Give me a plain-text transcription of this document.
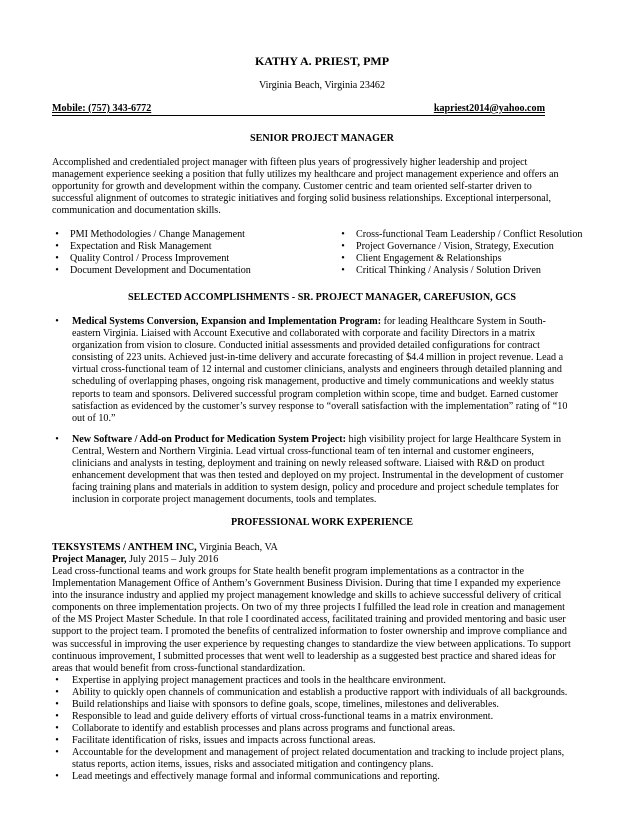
KATHY A. PRIEST, PMP
Virginia Beach, Virginia 23462
Mobile: (757) 343-6772	kapriest2014@yahoo.com
SENIOR PROJECT MANAGER
Accomplished and credentialed project manager with fifteen plus years of progressively higher leadership and project
management experience seeking a position that fully utilizes my healthcare and project management experience and offers an
opportunity for growth and development within the company. Customer centric and team oriented self-starter driven to
successful alignment of outcomes to strategic initiatives and forging solid business relationships. Exceptional interpersonal,
communication and documentation skills.
• PMI Methodologies / Change Management
• Expectation and Risk Management
• Quality Control / Process Improvement
• Document Development and Documentation
• Cross-functional Team Leadership / Conflict Resolution
• Project Governance / Vision, Strategy, Execution
• Client Engagement & Relationships
• Critical Thinking / Analysis / Solution Driven
SELECTED ACCOMPLISHMENTS - SR. PROJECT MANAGER, CAREFUSION, GCS
• Medical Systems Conversion, Expansion and Implementation Program: for leading Healthcare System in South-
eastern Virginia. Liaised with Account Executive and collaborated with corporate and facility Directors in a matrix
organization from vision to closure. Conducted initial assessments and provided detailed configurations for contract
consisting of 223 units. Achieved just-in-time delivery and accurate forecasting of $4.4 million in project revenue. Lead a
virtual cross-functional team of 12 internal and customer clinicians, analysts and engineers through detailed planning and
scheduling of overlapping phases, ongoing risk management, productive and timely communications and weekly status
reports to team and sponsors. Delivered successful program completion within scope, time and budget. Earned customer
satisfaction as evidenced by the customer’s survey response to “overall satisfaction with the implementation” rating of “10
out of 10.”
• New Software / Add-on Product for Medication System Project: high visibility project for large Healthcare System in
Central, Western and Northern Virginia. Lead virtual cross-functional team of ten internal and customer engineers,
clinicians and analysts in testing, deployment and training on newly released software. Liaised with R&D on product
enhancement development that was then tested and deployed on my project. Instrumental in the development of customer
facing training plans and materials in addition to system design, policy and procedure and project schedule templates for
inclusion in corporate project management documents, tools and templates.
PROFESSIONAL WORK EXPERIENCE
TEKSYSTEMS / ANTHEM INC, Virginia Beach, VA
Project Manager, July 2015 – July 2016
Lead cross-functional teams and work groups for State health benefit program implementations as a contractor in the
Implementation Management Office of Anthem’s Government Business Division. During that time I expanded my experience
into the insurance industry and applied my project management knowledge and skills to achieve successful delivery of critical
components on three implementation projects. On two of my three projects I fulfilled the lead role in creation and management
of the MS Project Master Schedule. In that role I coordinated access, facilitated training and provided mentoring and basic user
support to the project team. I promoted the benefits of centralized information to foster ownership and improve compliance and
was successful in improving the user experience by requesting changes to standardize the view between applications. To support
continuous improvement, I submitted processes that went well to leadership as a suggested best practice and shared ideas for
areas that would benefit from cross-functional standardization.
• Expertise in applying project management practices and tools in the healthcare environment.
• Ability to quickly open channels of communication and establish a productive rapport with individuals of all backgrounds.
• Build relationships and liaise with sponsors to define goals, scope, timelines, milestones and deliverables.
• Responsible to lead and guide delivery efforts of virtual cross-functional teams in a matrix environment.
• Collaborate to identify and establish processes and plans across programs and functional areas.
• Facilitate identification of risks, issues and impacts across functional areas.
• Accountable for the development and management of project related documentation and tracking to include project plans,
status reports, action items, issues, risks and associated mitigation and contingency plans.
• Lead meetings and effectively manage formal and informal communications and reporting.
